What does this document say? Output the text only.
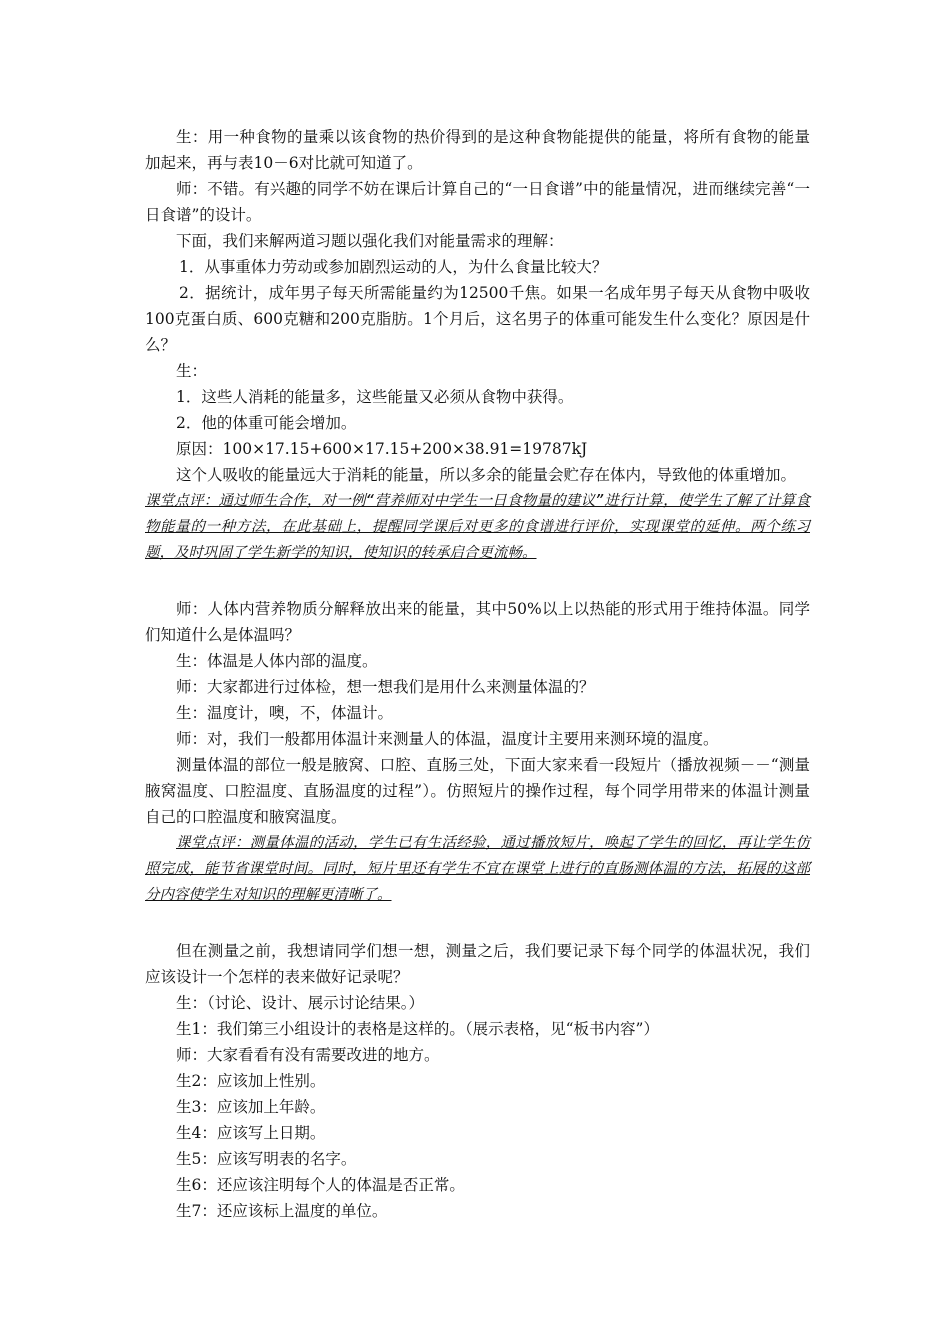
生：用一种食物的量乘以该食物的热价得到的是这种食物能提供的能量，将所有食物的能量加起来，再与表10－6对比就可知道了。

师：不错。有兴趣的同学不妨在课后计算自己的“一日食谱”中的能量情况，进而继续完善“一日食谱”的设计。

下面，我们来解两道习题以强化我们对能量需求的理解：

1．从事重体力劳动或参加剧烈运动的人，为什么食量比较大？

2．据统计，成年男子每天所需能量约为12500千焦。如果一名成年男子每天从食物中吸收100克蛋白质、600克糖和200克脂肪。1个月后，这名男子的体重可能发生什么变化？原因是什么？

生：

1．这些人消耗的能量多，这些能量又必须从食物中获得。

2．他的体重可能会增加。

原因：100×17.15+600×17.15+200×38.91=19787kJ

这个人吸收的能量远大于消耗的能量，所以多余的能量会贮存在体内，导致他的体重增加。

课堂点评：通过师生合作，对一例“营养师对中学生一日食物量的建议”进行计算，使学生了解了计算食物能量的一种方法，在此基础上，提醒同学课后对更多的食谱进行评价，实现课堂的延伸。两个练习题，及时巩固了学生新学的知识，使知识的转承启合更流畅。

师：人体内营养物质分解释放出来的能量，其中50%以上以热能的形式用于维持体温。同学们知道什么是体温吗？

生：体温是人体内部的温度。

师：大家都进行过体检，想一想我们是用什么来测量体温的？

生：温度计，噢，不，体温计。

师：对，我们一般都用体温计来测量人的体温，温度计主要用来测环境的温度。

测量体温的部位一般是腋窝、口腔、直肠三处，下面大家来看一段短片（播放视频－－“测量腋窝温度、口腔温度、直肠温度的过程”）。仿照短片的操作过程，每个同学用带来的体温计测量自己的口腔温度和腋窝温度。

课堂点评：测量体温的活动，学生已有生活经验，通过播放短片，唤起了学生的回忆，再让学生仿照完成，能节省课堂时间。同时，短片里还有学生不宜在课堂上进行的直肠测体温的方法，拓展的这部分内容使学生对知识的理解更清晰了。

但在测量之前，我想请同学们想一想，测量之后，我们要记录下每个同学的体温状况，我们应该设计一个怎样的表来做好记录呢？

生：（讨论、设计、展示讨论结果。）

生1：我们第三小组设计的表格是这样的。（展示表格，见“板书内容”）

师：大家看看有没有需要改进的地方。

生2：应该加上性别。

生3：应该加上年龄。

生4：应该写上日期。

生5：应该写明表的名字。

生6：还应该注明每个人的体温是否正常。

生7：还应该标上温度的单位。
